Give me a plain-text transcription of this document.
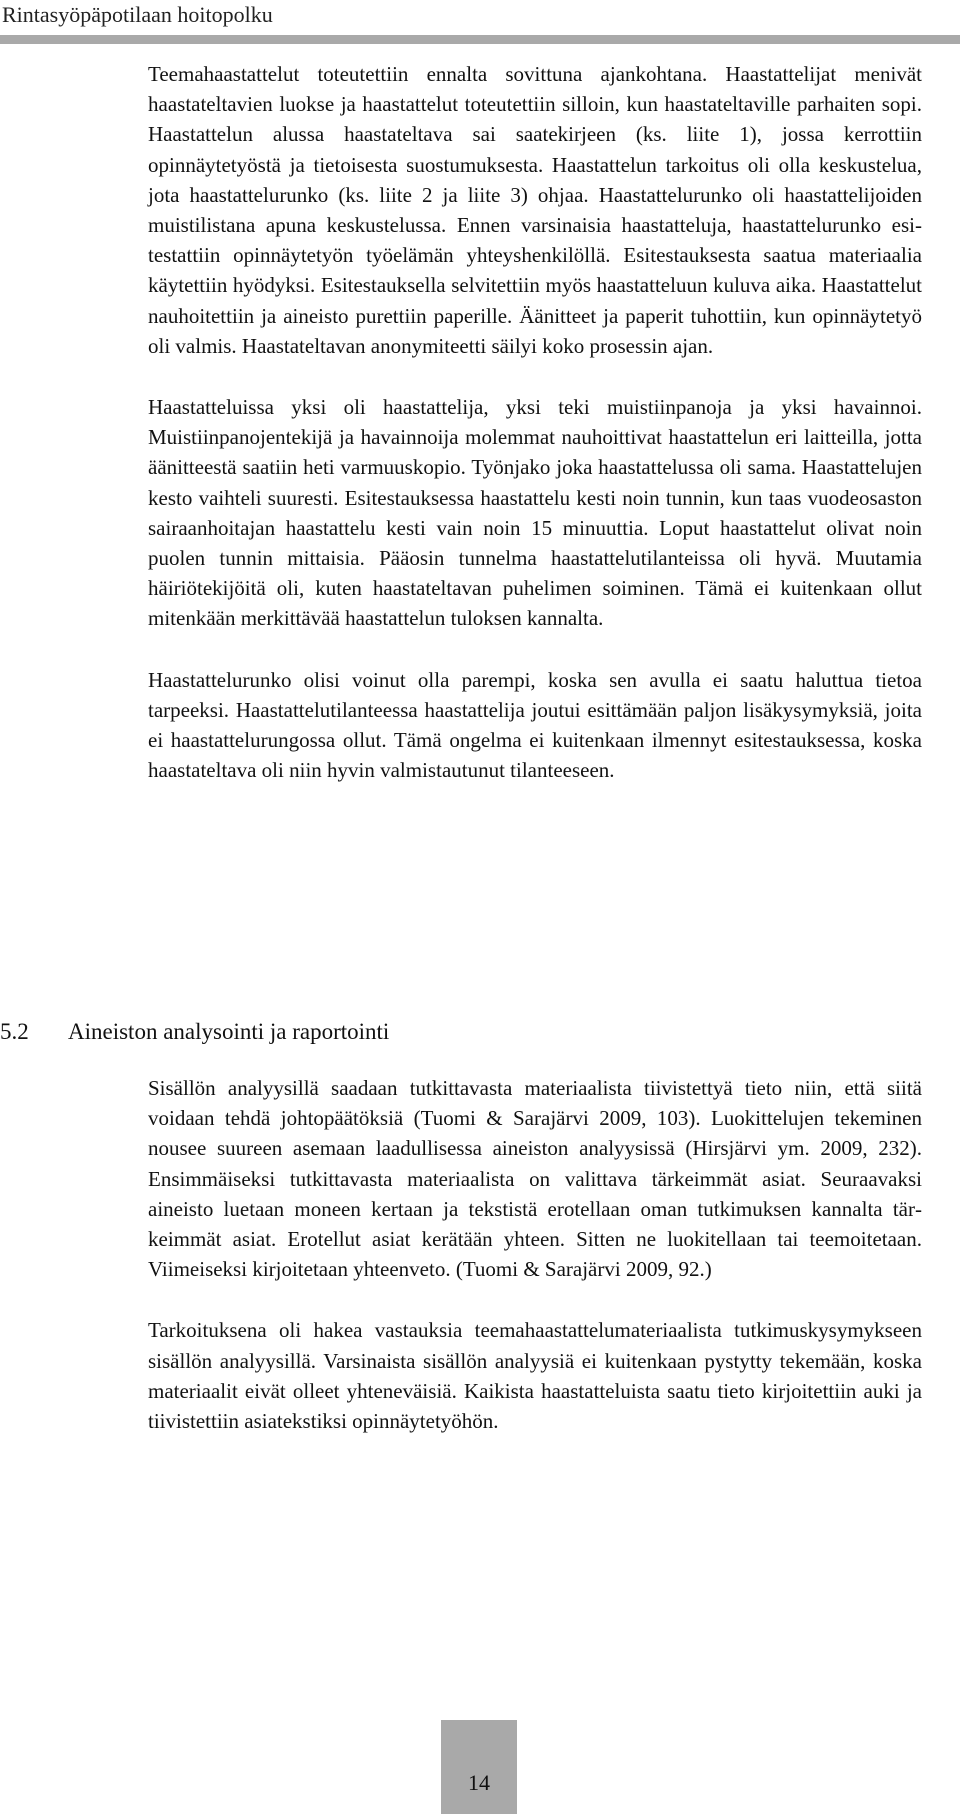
Rintasyöpäpotilaan hoitopolku

Teemahaastattelut toteutettiin ennalta sovittuna ajankohtana. Haastattelijat menivät haastateltavien luokse ja haastattelut toteutettiin silloin, kun haastateltaville parhaiten sopi. Haastattelun alussa haastateltava sai saatekirjeen (ks. liite 1), jossa kerrottiin opinnäytetyöstä ja tietoisesta suostumuksesta. Haastattelun tarkoitus oli olla keskustelua, jota haastattelurunko (ks. liite 2 ja liite 3) ohjaa. Haastattelurunko oli haastattelijoiden muistilistana apuna keskustelussa. Ennen varsinaisia haastatteluja, haastattelurunko esitestattiin opinnäytetyön työelämän yhteyshenkilöllä. Esitestauksesta saatua materiaalia käytettiin hyödyksi. Esitestauksella selvitettiin myös haastatteluun kuluva aika. Haastattelut nauhoitettiin ja aineisto purettiin paperille. Äänitteet ja paperit tuhottiin, kun opinnäytetyö oli valmis. Haastateltavan anonymiteetti säilyi koko prosessin ajan.

Haastatteluissa yksi oli haastattelija, yksi teki muistiinpanoja ja yksi havainnoi. Muistiinpanojentekijä ja havainnoija molemmat nauhoittivat haastattelun eri laitteilla, jotta äänitteestä saatiin heti varmuuskopio. Työnjako joka haastattelussa oli sama. Haastattelujen kesto vaihteli suuresti. Esitestauksessa haastattelu kesti noin tunnin, kun taas vuodeosaston sairaanhoitajan haastattelu kesti vain noin 15 minuuttia. Loput haastattelut olivat noin puolen tunnin mittaisia. Pääosin tunnelma haastattelutilanteissa oli hyvä. Muutamia häiriötekijöitä oli, kuten haastateltavan puhelimen soiminen. Tämä ei kuitenkaan ollut mitenkään merkittävää haastattelun tuloksen kannalta.

Haastattelurunko olisi voinut olla parempi, koska sen avulla ei saatu haluttua tietoa tarpeeksi. Haastattelutilanteessa haastattelija joutui esittämään paljon lisäkysymyksiä, joita ei haastattelurungossa ollut. Tämä ongelma ei kuitenkaan ilmennyt esitestauksessa, koska haastateltava oli niin hyvin valmistautunut tilanteeseen.

5.2 Aineiston analysointi ja raportointi

Sisällön analyysillä saadaan tutkittavasta materiaalista tiivistettyä tieto niin, että siitä voidaan tehdä johtopäätöksiä (Tuomi & Sarajärvi 2009, 103). Luokittelujen tekeminen nousee suureen asemaan laadullisessa aineiston analyysissä (Hirsjärvi ym. 2009, 232). Ensimmäiseksi tutkittavasta materiaalista on valittava tärkeimmät asiat. Seuraavaksi aineisto luetaan moneen kertaan ja tekstistä erotellaan oman tutkimuksen kannalta tärkeimmät asiat. Erotellut asiat kerätään yhteen. Sitten ne luokitellaan tai teemoitetaan. Viimeiseksi kirjoitetaan yhteenveto. (Tuomi & Sarajärvi 2009, 92.)

Tarkoituksena oli hakea vastauksia teemahaastattelumateriaalista tutkimuskysymykseen sisällön analyysillä. Varsinaista sisällön analyysiä ei kuitenkaan pystytty tekemään, koska materiaalit eivät olleet yhteneväisiä. Kaikista haastatteluista saatu tieto kirjoitettiin auki ja tiivistettiin asiatekstiksi opinnäytetyöhön.

14
